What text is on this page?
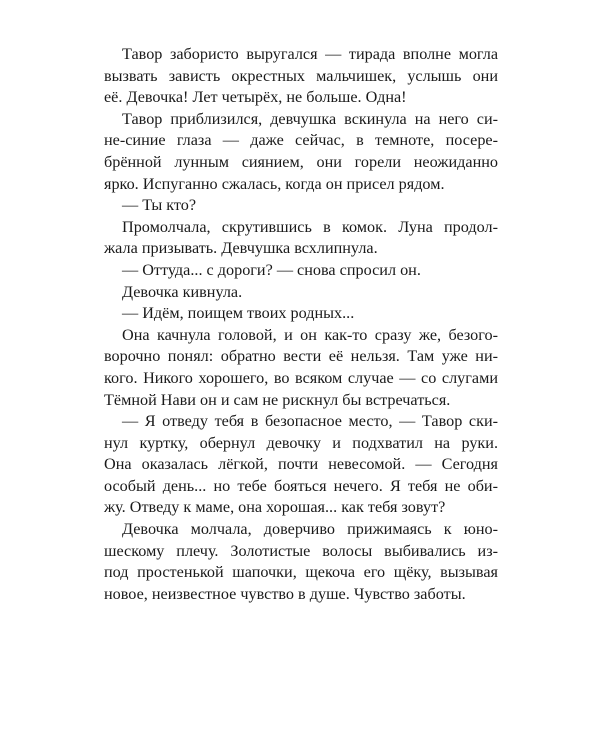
Тавор забористо выругался — тирада вполне могла
вызвать зависть окрестных мальчишек, услышь они
её. Девочка! Лет четырёх, не больше. Одна!
Тавор приблизился, девчушка вскинула на него си-
не-синие глаза — даже сейчас, в темноте, посере-
брённой лунным сиянием, они горели неожиданно
ярко. Испуганно сжалась, когда он присел рядом.
— Ты кто?
Промолчала, скрутившись в комок. Луна продол-
жала призывать. Девчушка всхлипнула.
— Оттуда... с дороги? — снова спросил он.
Девочка кивнула.
— Идём, поищем твоих родных...
Она качнула головой, и он как-то сразу же, безого-
ворочно понял: обратно вести её нельзя. Там уже ни-
кого. Никого хорошего, во всяком случае — со слугами
Тёмной Нави он и сам не рискнул бы встречаться.
— Я отведу тебя в безопасное место, — Тавор ски-
нул куртку, обернул девочку и подхватил на руки.
Она оказалась лёгкой, почти невесомой. — Сегодня
особый день... но тебе бояться нечего. Я тебя не оби-
жу. Отведу к маме, она хорошая... как тебя зовут?
Девочка молчала, доверчиво прижимаясь к юно-
шескому плечу. Золотистые волосы выбивались из-
под простенькой шапочки, щекоча его щёку, вызывая
новое, неизвестное чувство в душе. Чувство заботы.
